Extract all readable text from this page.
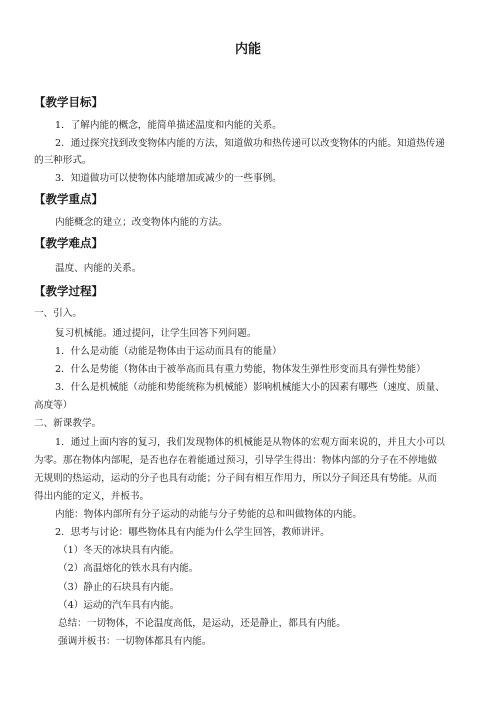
内能
【教学目标】
1．了解内能的概念，能简单描述温度和内能的关系。
2．通过探究找到改变物体内能的方法，知道做功和热传递可以改变物体的内能。知道热传递
的三种形式。
3．知道做功可以使物体内能增加或减少的一些事例。
【教学重点】
内能概念的建立；改变物体内能的方法。
【教学难点】
温度、内能的关系。
【教学过程】
一、引入。
复习机械能。通过提问，让学生回答下列问题。
1．什么是动能（动能是物体由于运动而具有的能量）
2．什么是势能（物体由于被举高而具有重力势能，物体发生弹性形变而具有弹性势能）
3．什么是机械能（动能和势能统称为机械能）影响机械能大小的因素有哪些（速度、质量、
高度等）
二、新课教学。
1．通过上面内容的复习，我们发现物体的机械能是从物体的宏观方面来说的，并且大小可以
为零。那在物体内部呢，是否也存在着能通过预习，引导学生得出：物体内部的分子在不停地做
无规则的热运动，运动的分子也具有动能；分子间有相互作用力，所以分子间还具有势能。从而
得出内能的定义，并板书。
内能：物体内部所有分子运动的动能与分子势能的总和叫做物体的内能。
2．思考与讨论：哪些物体具有内能为什么学生回答，教师讲评。
（1）冬天的冰块具有内能。
（2）高温熔化的铁水具有内能。
（3）静止的石块具有内能。
（4）运动的汽车具有内能。
总结：一切物体，不论温度高低，是运动，还是静止，都具有内能。
强调并板书：一切物体都具有内能。
